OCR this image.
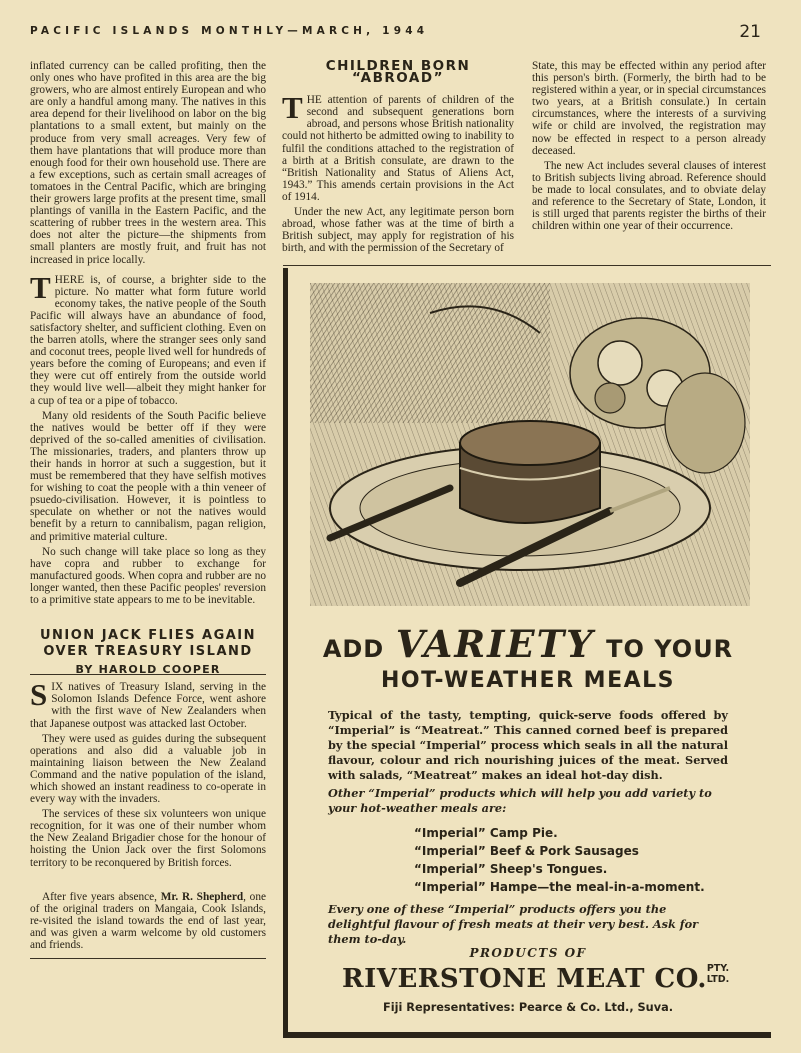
PACIFIC ISLANDS MONTHLY—MARCH, 1944	21

inflated currency can be called profiting, then the only ones who have profited in this area are the big growers, who are almost entirely European and who are only a handful among many. The natives in this area depend for their livelihood on labor on the big plantations to a small extent, but mainly on the produce from very small acreages. Very few of them have plantations that will produce more than enough food for their own household use. There are a few exceptions, such as certain small acreages of tomatoes in the Central Pacific, which are bringing their growers large profits at the present time, small plantings of vanilla in the Eastern Pacific, and the scattering of rubber trees in the western area. This does not alter the picture—the shipments from small planters are mostly fruit, and fruit has not increased in price locally.

THERE is, of course, a brighter side to the picture. No matter what form future world economy takes, the native people of the South Pacific will always have an abundance of food, satisfactory shelter, and sufficient clothing. Even on the barren atolls, where the stranger sees only sand and coconut trees, people lived well for hundreds of years before the coming of Europeans; and even if they were cut off entirely from the outside world they would live well—albeit they might hanker for a cup of tea or a pipe of tobacco.

Many old residents of the South Pacific believe the natives would be better off if they were deprived of the so-called amenities of civilisation. The missionaries, traders, and planters throw up their hands in horror at such a suggestion, but it must be remembered that they have selfish motives for wishing to coat the people with a thin veneer of psuedo-civilisation. However, it is pointless to speculate on whether or not the natives would benefit by a return to cannibalism, pagan religion, and primitive material culture.

No such change will take place so long as they have copra and rubber to exchange for manufactured goods. When copra and rubber are no longer wanted, then these Pacific peoples' reversion to a primitive state appears to me to be inevitable.

UNION JACK FLIES AGAIN OVER TREASURY ISLAND
BY HAROLD COOPER

SIX natives of Treasury Island, serving in the Solomon Islands Defence Force, went ashore with the first wave of New Zealanders when that Japanese outpost was attacked last October.

They were used as guides during the subsequent operations and also did a valuable job in maintaining liaison between the New Zealand Command and the native population of the island, which showed an instant readiness to co-operate in every way with the invaders.

The services of these six volunteers won unique recognition, for it was one of their number whom the New Zealand Brigadier chose for the honour of hoisting the Union Jack over the first Solomons territory to be reconquered by British forces.

After five years absence, Mr. R. Shepherd, one of the original traders on Mangaia, Cook Islands, re-visited the island towards the end of last year, and was given a warm welcome by old customers and friends.

CHILDREN BORN “ABROAD”

THE attention of parents of children of the second and subsequent generations born abroad, and persons whose British nationality could not hitherto be admitted owing to inability to fulfil the conditions attached to the registration of a birth at a British consulate, are drawn to the “British Nationality and Status of Aliens Act, 1943.” This amends certain provisions in the Act of 1914.

Under the new Act, any legitimate person born abroad, whose father was at the time of birth a British subject, may apply for registration of his birth, and with the permission of the Secretary of

State, this may be effected within any period after this person's birth. (Formerly, the birth had to be registered within a year, or in special circumstances two years, at a British consulate.) In certain circumstances, where the interests of a surviving wife or child are involved, the registration may now be effected in respect to a person already deceased.

The new Act includes several clauses of interest to British subjects living abroad. Reference should be made to local consulates, and to obviate delay and reference to the Secretary of State, London, it is still urged that parents register the births of their children within one year of their occurrence.

ADD VARIETY TO YOUR
HOT-WEATHER MEALS
Typical of the tasty, tempting, quick-serve foods offered by “Imperial” is “Meatreat.” This canned corned beef is prepared by the special “Imperial” process which seals in all the natural flavour, colour and rich nourishing juices of the meat. Served with salads, “Meatreat” makes an ideal hot-day dish.
Other “Imperial” products which will help you add variety to your hot-weather meals are:
“Imperial” Camp Pie.
“Imperial” Beef & Pork Sausages
“Imperial” Sheep's Tongues.
“Imperial” Hampe—the meal-in-a-moment.
Every one of these “Imperial” products offers you the delightful flavour of fresh meats at their very best. Ask for them to-day.
PRODUCTS OF
RIVERSTONE MEAT CO. PTY.
LTD.
Fiji Representatives: Pearce & Co. Ltd., Suva.
